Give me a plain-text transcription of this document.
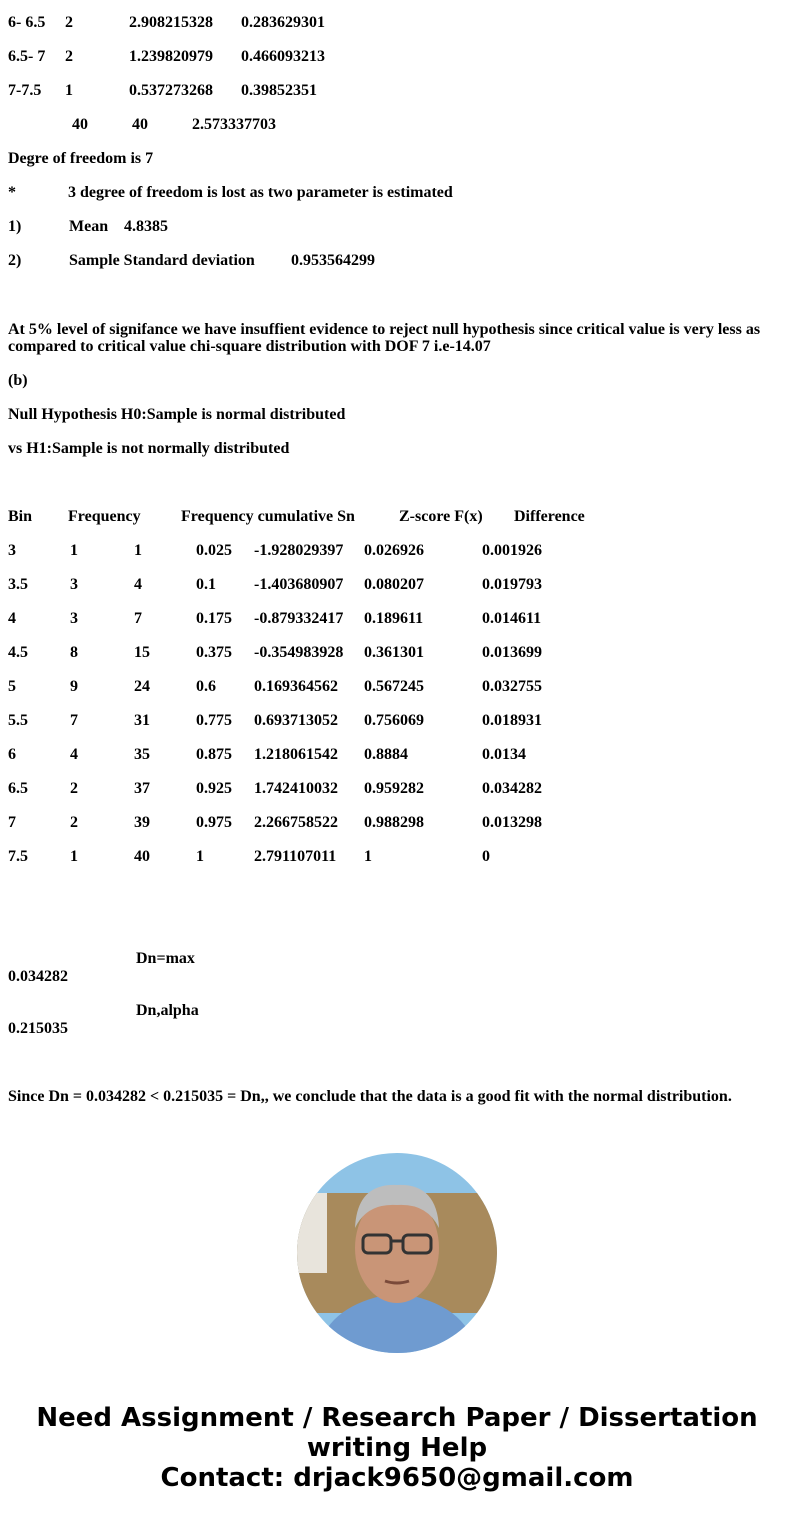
6- 6.5 2	2.908215328 0.283629301
6.5- 7 2	1.239820979 0.466093213
7-7.5 1	0.537273268 0.39852351
40	40	2.573337703
Degre of freedom is 7
*	3 degree of freedom is lost as two parameter is estimated
1)	Mean 4.8385
2)	Sample Standard deviation 0.953564299
At 5% level of signifance we have insuffient evidence to reject null hypothesis since critical value is very less as compared to critical value chi-square distribution with DOF 7 i.e-14.07
(b)
Null Hypothesis H0:Sample is normal distributed
vs H1:Sample is not normally distributed
Bin Frequency	Frequency cumulative Sn	Z-score F(x) Difference
3	1	1	0.025 -1.928029397 0.026926	0.001926
3.5	3	4	0.1 -1.403680907 0.080207	0.019793
4	3	7	0.175 -0.879332417 0.189611	0.014611
4.5	8	15	0.375 -0.354983928 0.361301	0.013699
5	9	24	0.6 0.169364562 0.567245	0.032755
5.5	7	31	0.775 0.693713052 0.756069	0.018931
6	4	35	0.875 1.218061542 0.8884	0.0134
6.5	2	37	0.925 1.742410032 0.959282	0.034282
7	2	39	0.975 2.266758522 0.988298	0.013298
7.5	1	40	1	2.791107011 1	0
Dn=max
0.034282
Dn,alpha
0.215035
Since Dn = 0.034282 < 0.215035 = Dn,, we conclude that the data is a good fit with the normal distribution.
Need Assignment / Research Paper / Dissertation
writing Help
Contact: drjack9650@gmail.com
